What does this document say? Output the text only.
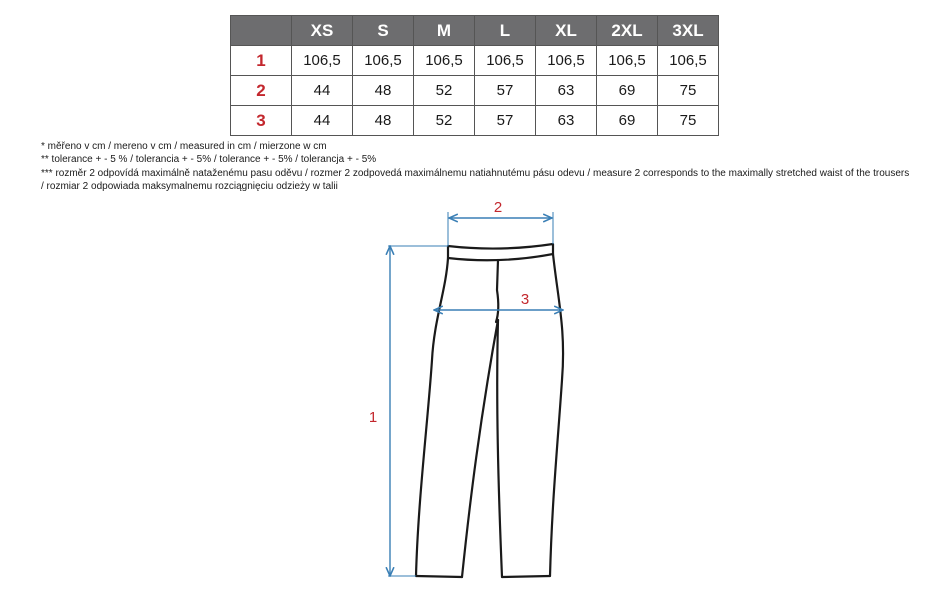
	XS	S	M	L	XL	2XL	3XL
1	106,5	106,5	106,5	106,5	106,5	106,5	106,5
2	44	48	52	57	63	69	75
3	44	48	52	57	63	69	75
* měřeno v cm / mereno v cm / measured in cm / mierzone w cm
** tolerance + - 5 % / tolerancia + - 5% / tolerance + - 5% / tolerancja + - 5%
*** rozměr 2 odpovídá maximálně nataženému pasu oděvu / rozmer 2 zodpovedá maximálnemu natiahnutému pásu odevu / measure 2 corresponds to the maximally stretched waist of the trousers / rozmiar 2 odpowiada maksymalnemu rozciągnięciu odzieży w talii
1
2
3
